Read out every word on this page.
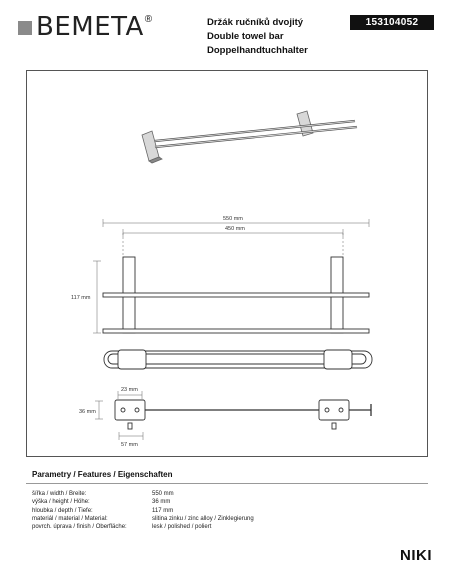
BEMETA ®	Držák ručníků dvojitý
Double towel bar
Doppelhandtuchhalter
153104052
550 mm
450 mm
117 mm
23 mm
36 mm
57 mm
Parametry / Features / Eigenschaften
šířka / width / Breite:	550 mm
výška / height / Höhe:	36 mm
hloubka / depth / Tiefe:	117 mm
materiál / material / Material:	slitina zinku / zinc alloy / Zinklegierung
povrch. úprava / finish / Oberfläche:	lesk / polished / poliert
NIKI
